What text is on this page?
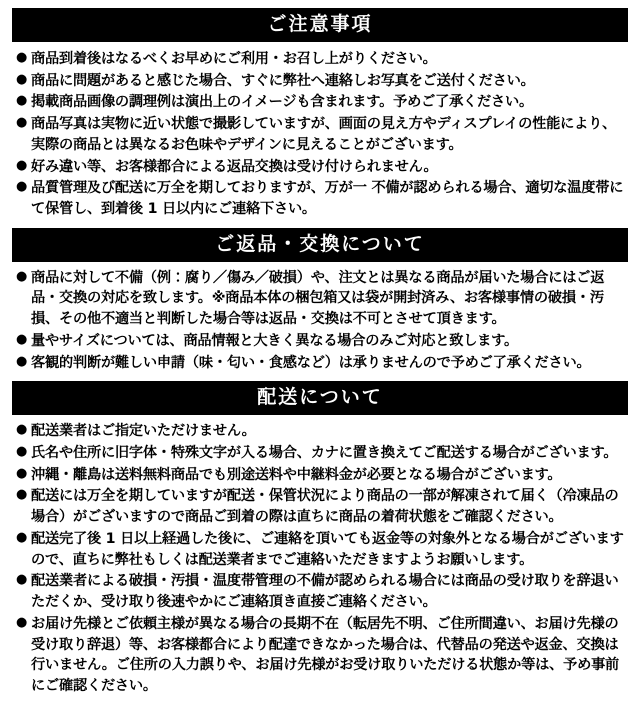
ご注意事項
● 商品到着後はなるべくお早めにご利用・お召し上がりください。
● 商品に問題があると感じた場合、すぐに弊社へ連絡しお写真をご送付ください。
● 掲載商品画像の調理例は演出上のイメージも含まれます。予めご了承ください。
● 商品写真は実物に近い状態で撮影していますが、画面の見え方やディスプレイの性能により、実際の商品とは異なるお色味やデザインに見えることがございます。
● 好み違い等、お客様都合による返品交換は受け付けられません。
● 品質管理及び配送に万全を期しておりますが、万が一 不備が認められる場合、適切な温度帯にて保管し、到着後 1 日以内にご連絡下さい。
ご返品・交換について
● 商品に対して不備（例：腐り／傷み／破損）や、注文とは異なる商品が届いた場合にはご返品・交換の対応を致します。※商品本体の梱包箱又は袋が開封済み、お客様事情の破損・汚損、その他不適当と判断した場合等は返品・交換は不可とさせて頂きます。
● 量やサイズについては、商品情報と大きく異なる場合のみご対応と致します。
● 客観的判断が難しい申請（味・匂い・食感など）は承りませんので予めご了承ください。
配送について
● 配送業者はご指定いただけません。
● 氏名や住所に旧字体・特殊文字が入る場合、カナに置き換えてご配送する場合がございます。
● 沖縄・離島は送料無料商品でも別途送料や中継料金が必要となる場合がございます。
● 配送には万全を期していますが配送・保管状況により商品の一部が解凍されて届く（冷凍品の場合）がございますので商品ご到着の際は直ちに商品の着荷状態をご確認ください。
● 配送完了後 1 日以上経過した後に、ご連絡を頂いても返金等の対象外となる場合がございますので、直ちに弊社もしくは配送業者までご連絡いただきますようお願いします。
● 配送業者による破損・汚損・温度帯管理の不備が認められる場合には商品の受け取りを辞退いただくか、受け取り後速やかにご連絡頂き直接ご連絡ください。
● お届け先様とご依頼主様が異なる場合の長期不在（転居先不明、ご住所間違い、お届け先様の受け取り辞退）等、お客様都合により配達できなかった場合は、代替品の発送や返金、交換は行いません。ご住所の入力誤りや、お届け先様がお受け取りいただける状態か等は、予め事前にご確認ください。
